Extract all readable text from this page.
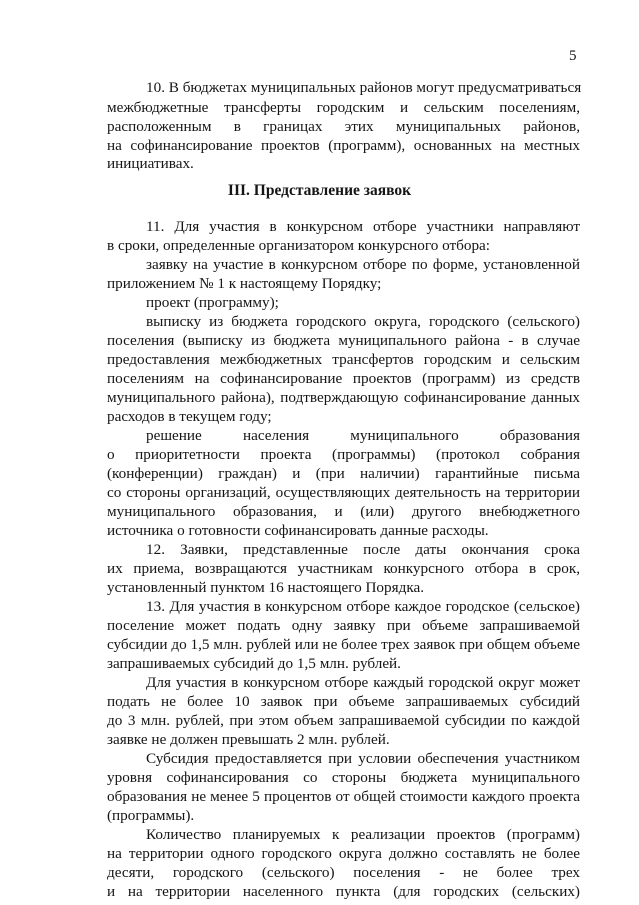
5
10. В бюджетах муниципальных районов могут предусматриваться
межбюджетные трансферты городским и сельским поселениям,
расположенным в границах этих муниципальных районов,
на софинансирование проектов (программ), основанных на местных
инициативах.
III. Представление заявок
11. Для участия в конкурсном отборе участники направляют
в сроки, определенные организатором конкурсного отбора:
заявку на участие в конкурсном отборе по форме, установленной
приложением № 1 к настоящему Порядку;
проект (программу);
выписку из бюджета городского округа, городского (сельского)
поселения (выписку из бюджета муниципального района - в случае
предоставления межбюджетных трансфертов городским и сельским
поселениям на софинансирование проектов (программ) из средств
муниципального района), подтверждающую софинансирование данных
расходов в текущем году;
решение населения муниципального образования
о приоритетности проекта (программы) (протокол собрания
(конференции) граждан) и (при наличии) гарантийные письма
со стороны организаций, осуществляющих деятельность на территории
муниципального образования, и (или) другого внебюджетного
источника о готовности софинансировать данные расходы.
12. Заявки, представленные после даты окончания срока
их приема, возвращаются участникам конкурсного отбора в срок,
установленный пунктом 16 настоящего Порядка.
13. Для участия в конкурсном отборе каждое городское (сельское)
поселение может подать одну заявку при объеме запрашиваемой
субсидии до 1,5 млн. рублей или не более трех заявок при общем объеме
запрашиваемых субсидий до 1,5 млн. рублей.
Для участия в конкурсном отборе каждый городской округ может
подать не более 10 заявок при объеме запрашиваемых субсидий
до 3 млн. рублей, при этом объем запрашиваемой субсидии по каждой
заявке не должен превышать 2 млн. рублей.
Субсидия предоставляется при условии обеспечения участником
уровня софинансирования со стороны бюджета муниципального
образования не менее 5 процентов от общей стоимости каждого проекта
(программы).
Количество планируемых к реализации проектов (программ)
на территории одного городского округа должно составлять не более
десяти, городского (сельского) поселения - не более трех
и на территории населенного пункта (для городских (сельских)
